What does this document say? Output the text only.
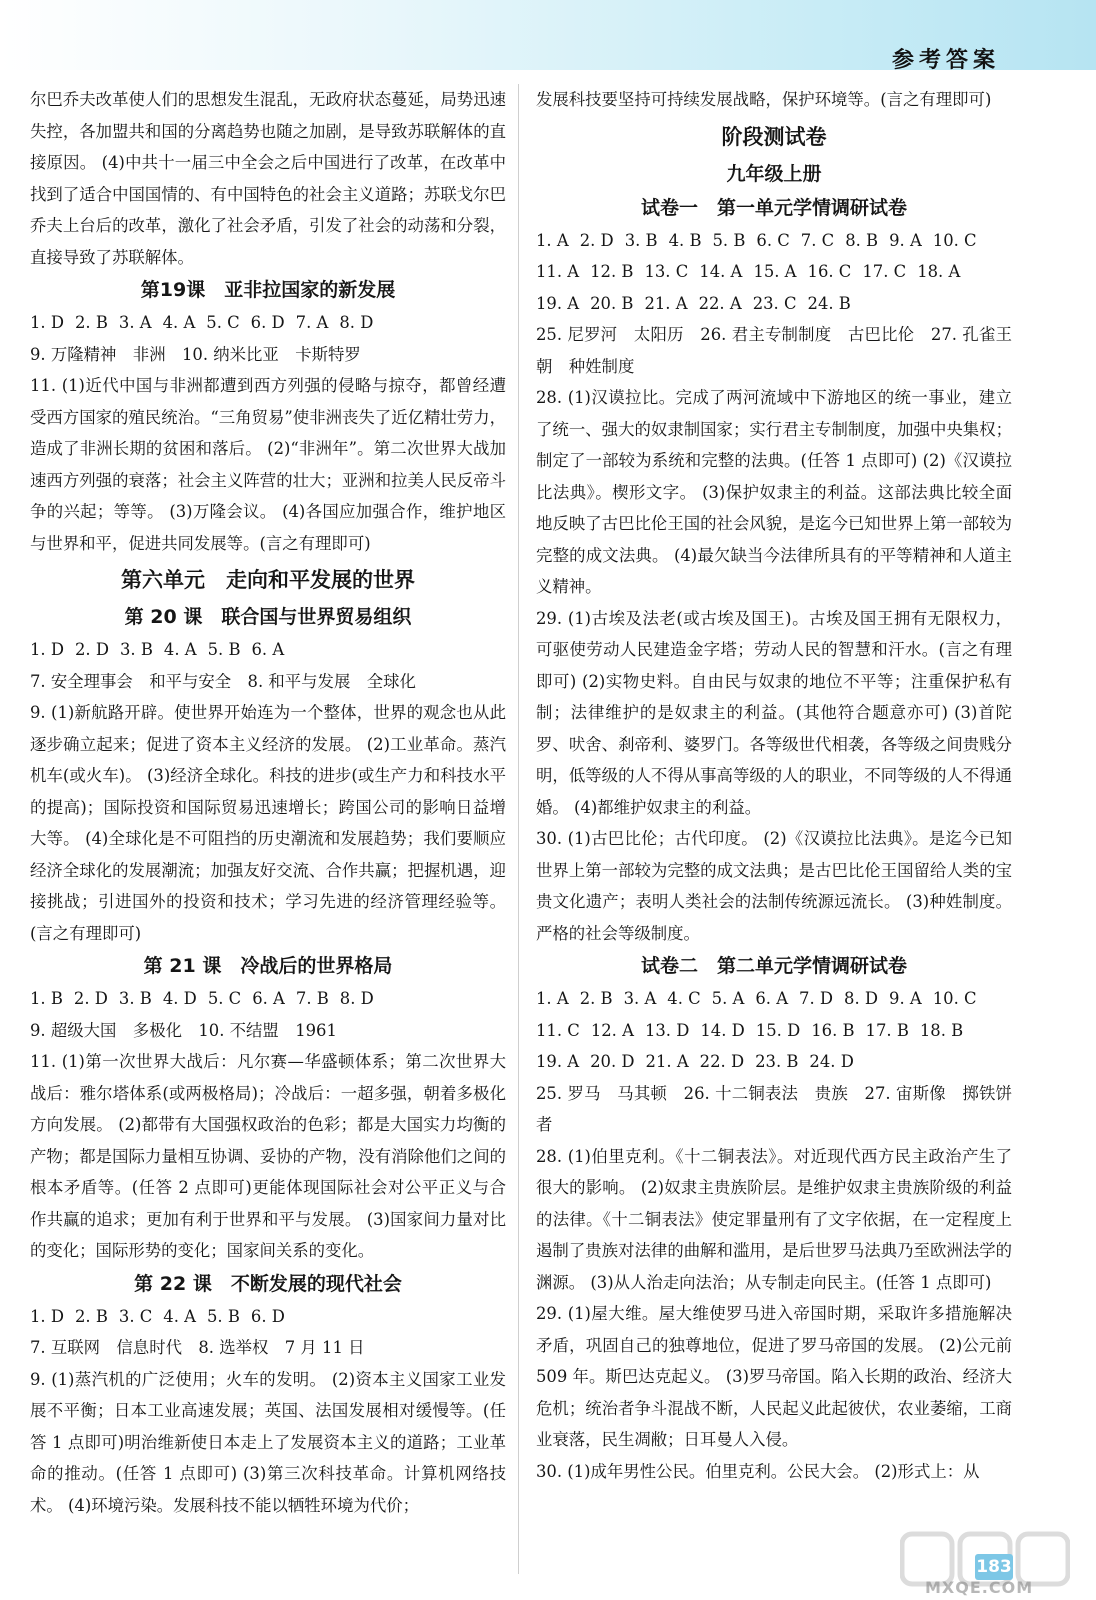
参考答案

尔巴乔夫改革使人们的思想发生混乱，无政府状态蔓延，局势迅速失控，各加盟共和国的分离趋势也随之加剧，是导致苏联解体的直接原因。 (4)中共十一届三中全会之后中国进行了改革，在改革中找到了适合中国国情的、有中国特色的社会主义道路；苏联戈尔巴乔夫上台后的改革，激化了社会矛盾，引发了社会的动荡和分裂，直接导致了苏联解体。

第19课　亚非拉国家的新发展
1. D 2. B 3. A 4. A 5. C 6. D 7. A 8. D

9. 万隆精神　非洲　10. 纳米比亚　卡斯特罗

11. (1)近代中国与非洲都遭到西方列强的侵略与掠夺，都曾经遭受西方国家的殖民统治。“三角贸易”使非洲丧失了近亿精壮劳力，造成了非洲长期的贫困和落后。 (2)“非洲年”。第二次世界大战加速西方列强的衰落；社会主义阵营的壮大；亚洲和拉美人民反帝斗争的兴起；等等。 (3)万隆会议。 (4)各国应加强合作，维护地区与世界和平，促进共同发展等。(言之有理即可)

第六单元　走向和平发展的世界
第 20 课　联合国与世界贸易组织
1. D 2. D 3. B 4. A 5. B 6. A

7. 安全理事会　和平与安全　8. 和平与发展　全球化

9. (1)新航路开辟。使世界开始连为一个整体，世界的观念也从此逐步确立起来；促进了资本主义经济的发展。 (2)工业革命。蒸汽机车(或火车)。 (3)经济全球化。科技的进步(或生产力和科技水平的提高)；国际投资和国际贸易迅速增长；跨国公司的影响日益增大等。 (4)全球化是不可阻挡的历史潮流和发展趋势；我们要顺应经济全球化的发展潮流；加强友好交流、合作共赢；把握机遇，迎接挑战；引进国外的投资和技术；学习先进的经济管理经验等。(言之有理即可)

第 21 课　冷战后的世界格局
1. B 2. D 3. B 4. D 5. C 6. A 7. B 8. D

9. 超级大国　多极化　10. 不结盟　1961

11. (1)第一次世界大战后：凡尔赛—华盛顿体系；第二次世界大战后：雅尔塔体系(或两极格局)；冷战后：一超多强，朝着多极化方向发展。 (2)都带有大国强权政治的色彩；都是大国实力均衡的产物；都是国际力量相互协调、妥协的产物，没有消除他们之间的根本矛盾等。(任答 2 点即可)更能体现国际社会对公平正义与合作共赢的追求；更加有利于世界和平与发展。 (3)国家间力量对比的变化；国际形势的变化；国家间关系的变化。

第 22 课　不断发展的现代社会
1. D 2. B 3. C 4. A 5. B 6. D

7. 互联网　信息时代　8. 选举权　7 月 11 日

9. (1)蒸汽机的广泛使用；火车的发明。 (2)资本主义国家工业发展不平衡；日本工业高速发展；英国、法国发展相对缓慢等。(任答 1 点即可)明治维新使日本走上了发展资本主义的道路；工业革命的推动。(任答 1 点即可) (3)第三次科技革命。计算机网络技术。 (4)环境污染。发展科技不能以牺牲环境为代价；

发展科技要坚持可持续发展战略，保护环境等。(言之有理即可)

阶段测试卷
九年级上册
试卷一　第一单元学情调研试卷
1. A 2. D 3. B 4. B 5. B 6. C 7. C 8. B 9. A 10. C
11. A 12. B 13. C 14. A 15. A 16. C 17. C 18. A
19. A 20. B 21. A 22. A 23. C 24. B

25. 尼罗河　太阳历　26. 君主专制制度　古巴比伦　27. 孔雀王朝　种姓制度

28. (1)汉谟拉比。完成了两河流域中下游地区的统一事业，建立了统一、强大的奴隶制国家；实行君主专制制度，加强中央集权；制定了一部较为系统和完整的法典。(任答 1 点即可) (2)《汉谟拉比法典》。楔形文字。 (3)保护奴隶主的利益。这部法典比较全面地反映了古巴比伦王国的社会风貌，是迄今已知世界上第一部较为完整的成文法典。 (4)最欠缺当今法律所具有的平等精神和人道主义精神。

29. (1)古埃及法老(或古埃及国王)。古埃及国王拥有无限权力，可驱使劳动人民建造金字塔；劳动人民的智慧和汗水。(言之有理即可) (2)实物史料。自由民与奴隶的地位不平等；注重保护私有制；法律维护的是奴隶主的利益。(其他符合题意亦可) (3)首陀罗、吠舍、刹帝利、婆罗门。各等级世代相袭，各等级之间贵贱分明，低等级的人不得从事高等级的人的职业，不同等级的人不得通婚。 (4)都维护奴隶主的利益。

30. (1)古巴比伦；古代印度。 (2)《汉谟拉比法典》。是迄今已知世界上第一部较为完整的成文法典；是古巴比伦王国留给人类的宝贵文化遗产；表明人类社会的法制传统源远流长。 (3)种姓制度。严格的社会等级制度。

试卷二　第二单元学情调研试卷
1. A 2. B 3. A 4. C 5. A 6. A 7. D 8. D 9. A 10. C
11. C 12. A 13. D 14. D 15. D 16. B 17. B 18. B
19. A 20. D 21. A 22. D 23. B 24. D

25. 罗马　马其顿　26. 十二铜表法　贵族　27. 宙斯像　掷铁饼者

28. (1)伯里克利。《十二铜表法》。对近现代西方民主政治产生了很大的影响。 (2)奴隶主贵族阶层。是维护奴隶主贵族阶级的利益的法律。《十二铜表法》使定罪量刑有了文字依据，在一定程度上遏制了贵族对法律的曲解和滥用，是后世罗马法典乃至欧洲法学的渊源。 (3)从人治走向法治；从专制走向民主。(任答 1 点即可)

29. (1)屋大维。屋大维使罗马进入帝国时期，采取许多措施解决矛盾，巩固自己的独尊地位，促进了罗马帝国的发展。 (2)公元前 509 年。斯巴达克起义。 (3)罗马帝国。陷入长期的政治、经济大危机；统治者争斗混战不断，人民起义此起彼伏，农业萎缩，工商业衰落，民生凋敝；日耳曼人入侵。

30. (1)成年男性公民。伯里克利。公民大会。 (2)形式上：从

183
MXQE.COM
